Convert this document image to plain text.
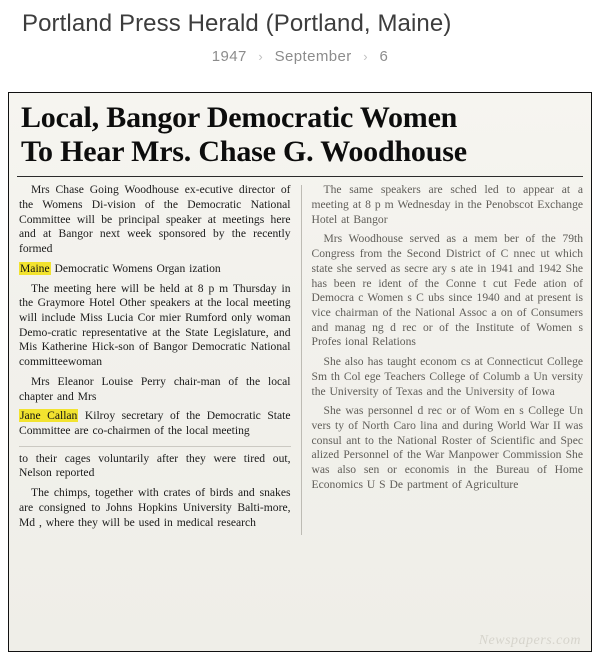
Portland Press Herald (Portland, Maine)
1947 › September › 6
Local, Bangor Democratic Women
To Hear Mrs. Chase G. Woodhouse

Mrs Chase Going Woodhouse ex-ecutive director of the Womens Di-vision of the Democratic National Committee will be principal speaker at meetings here and at Bangor next week sponsored by the recently formed

Maine Democratic Womens Organ ization

The meeting here will be held at 8 p m Thursday in the Graymore Hotel Other speakers at the local meeting will include Miss Lucia Cor mier Rumford only woman Demo-cratic representative at the State Legislature, and Mis Katherine Hick-son of Bangor Democratic National committeewoman

Mrs Eleanor Louise Perry chair-man of the local chapter and Mrs

Jane Callan Kilroy secretary of the Democratic State Committee are co-chairmen of the local meeting

to their cages voluntarily after they were tired out, Nelson reported

The chimps, together with crates of birds and snakes are consigned to Johns Hopkins University Balti-more, Md , where they will be used in medical research

The same speakers are sched led to appear at a meeting at 8 p m Wednesday in the Penobscot Exchange Hotel at Bangor

Mrs Woodhouse served as a mem ber of the 79th Congress from the Second District of C nnec ut which state she served as secre ary s ate in 1941 and 1942 She has been re ident of the Conne t cut Fede ation of Democra c Women s C ubs since 1940 and at present is vice chairman of the National Assoc a on of Consumers and manag ng d rec or of the Institute of Women s Profes ional Relations

She also has taught econom cs at Connecticut College Sm th Col ege Teachers College of Columb a Un versity the University of Texas and the University of Iowa

She was personnel d rec or of Wom en s College Un vers ty of North Caro lina and during World War II was consul ant to the National Roster of Scientific and Spec alized Personnel of the War Manpower Commission She was also sen or economis in the Bureau of Home Economics U S De partment of Agriculture

Newspapers.com
